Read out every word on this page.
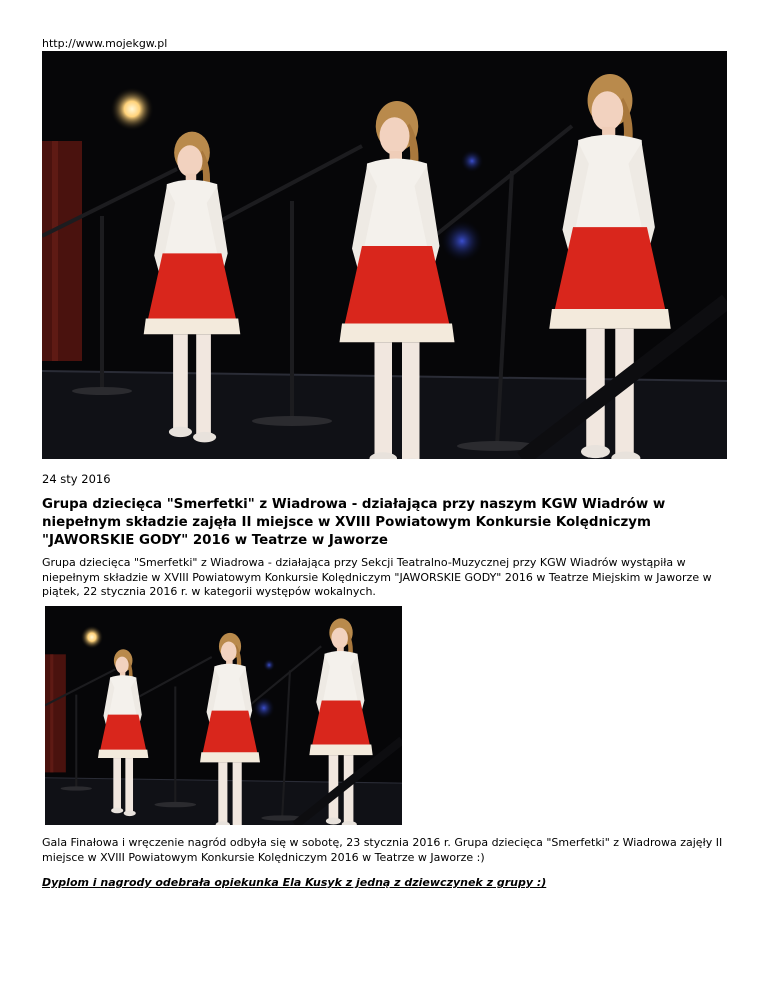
http://www.mojekgw.pl
24 sty 2016
Grupa dziecięca "Smerfetki" z Wiadrowa - działająca przy naszym KGW Wiadrów w niepełnym składzie zajęła II miejsce w XVIII Powiatowym Konkursie Kolędniczym "JAWORSKIE GODY" 2016 w Teatrze w Jaworze

Grupa dziecięca "Smerfetki" z Wiadrowa - działająca przy Sekcji Teatralno-Muzycznej przy KGW Wiadrów wystąpiła w niepełnym składzie w XVIII Powiatowym Konkursie Kolędniczym "JAWORSKIE GODY" 2016 w Teatrze Miejskim w Jaworze w piątek, 22 stycznia 2016 r. w kategorii występów wokalnych.

Gala Finałowa i wręczenie nagród odbyła się w sobotę, 23 stycznia 2016 r. Grupa dziecięca "Smerfetki" z Wiadrowa zajęły II miejsce w XVIII Powiatowym Konkursie Kolędniczym 2016 w Teatrze w Jaworze :)

Dyplom i nagrody odebrała opiekunka Ela Kusyk z jedną z dziewczynek z grupy :)
